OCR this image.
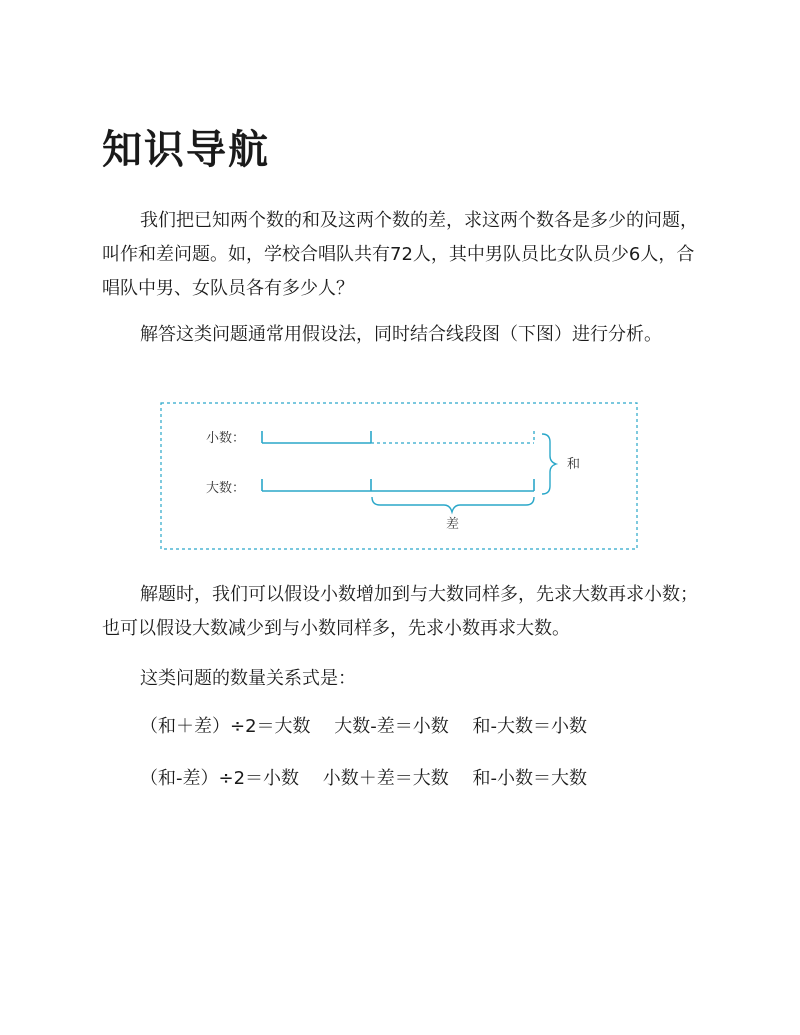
知识导航

我们把已知两个数的和及这两个数的差，求这两个数各是多少的问题，叫作和差问题。如，学校合唱队共有72人，其中男队员比女队员少6人，合唱队中男、女队员各有多少人？

解答这类问题通常用假设法，同时结合线段图（下图）进行分析。

小数：
大数：
和
差

解题时，我们可以假设小数增加到与大数同样多，先求大数再求小数；也可以假设大数减少到与小数同样多，先求小数再求大数。

这类问题的数量关系式是：

（和＋差）÷2＝大数　 大数-差＝小数　 和-大数＝小数

（和-差）÷2＝小数　 小数＋差＝大数　 和-小数＝大数
